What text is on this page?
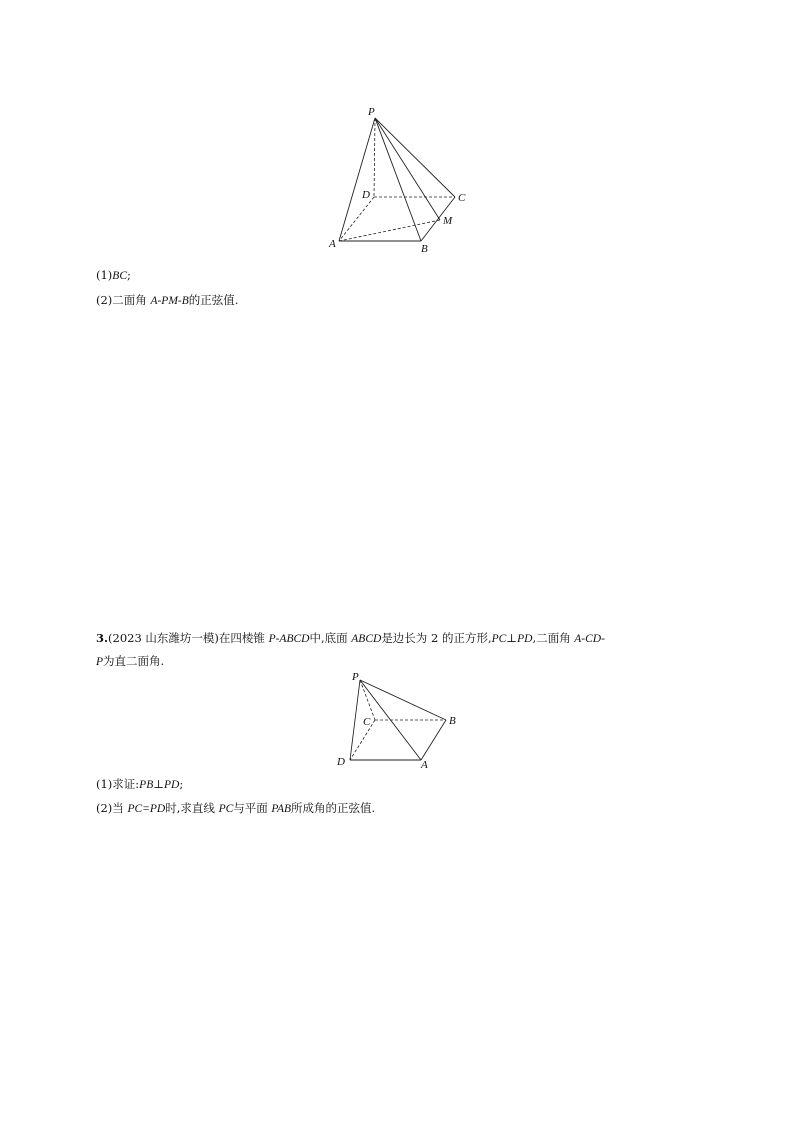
P
D	C
M
A	B
(1)BC;
(2)二面角 A-PM-B的正弦值.
3.(2023 山东潍坊一模)在四棱锥 P-ABCD中,底面 ABCD是边长为 2 的正方形,PC⊥PD,二面角 A-CD-
P为直二面角.
P
C	B
D	A
(1)求证:PB⊥PD;
(2)当 PC=PD时,求直线 PC与平面 PAB所成角的正弦值.
